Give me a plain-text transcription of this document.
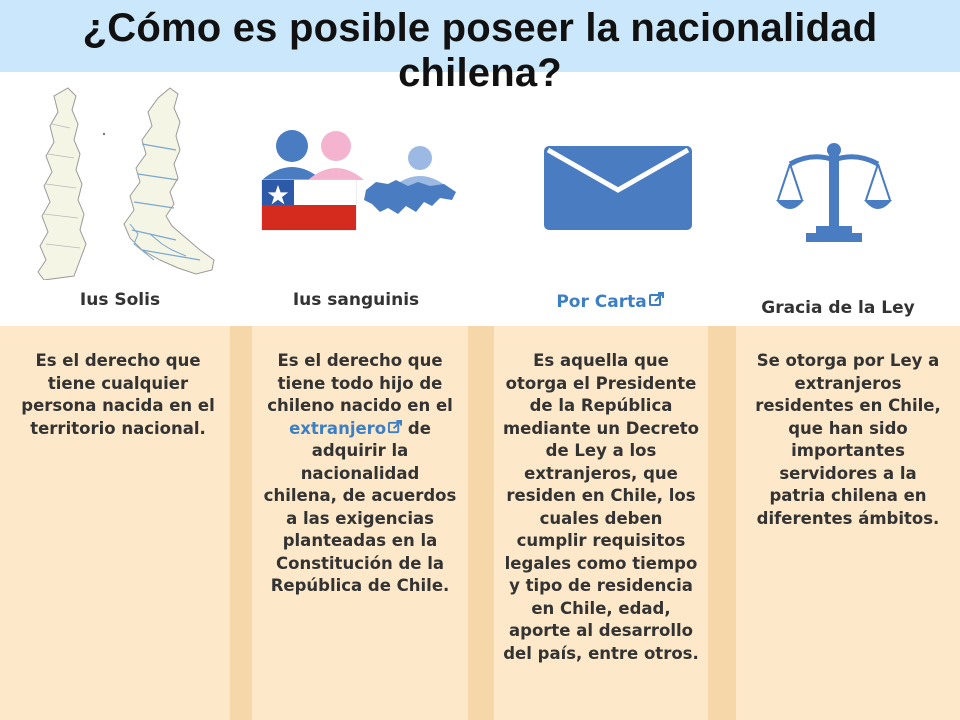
¿Cómo es posible poseer la nacionalidad chilena?
Ius Solis	Ius sanguinis	Por Carta	Gracia de la Ley
Es el derecho que tiene cualquier persona nacida en el territorio nacional.
Es el derecho que tiene todo hijo de chileno nacido en el extranjero de adquirir la nacionalidad chilena, de acuerdos a las exigencias planteadas en la Constitución de la República de Chile.
Es aquella que otorga el Presidente de la República mediante un Decreto de Ley a los extranjeros, que residen en Chile, los cuales deben cumplir requisitos legales como tiempo y tipo de residencia en Chile, edad, aporte al desarrollo del país, entre otros.
Se otorga por Ley a extranjeros residentes en Chile, que han sido importantes servidores a la patria chilena en diferentes ámbitos.
